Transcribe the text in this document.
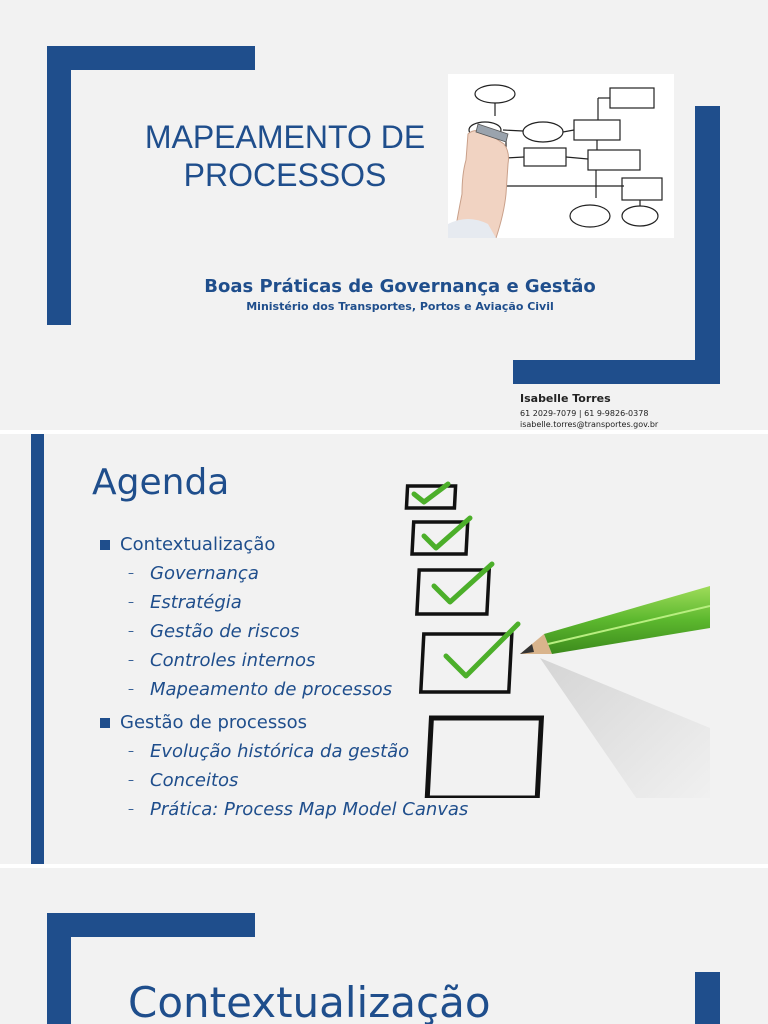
MAPEAMENTO DE
PROCESSOS
Boas Práticas de Governança e Gestão
Ministério dos Transportes, Portos e Aviação Civil
Isabelle Torres
61 2029-7079 | 61 9-9826-0378
isabelle.torres@transportes.gov.br
Agenda
Contextualização
– Governança
– Estratégia
– Gestão de riscos
– Controles internos
– Mapeamento de processos
Gestão de processos
– Evolução histórica da gestão
– Conceitos
– Prática: Process Map Model Canvas
Contextualização
